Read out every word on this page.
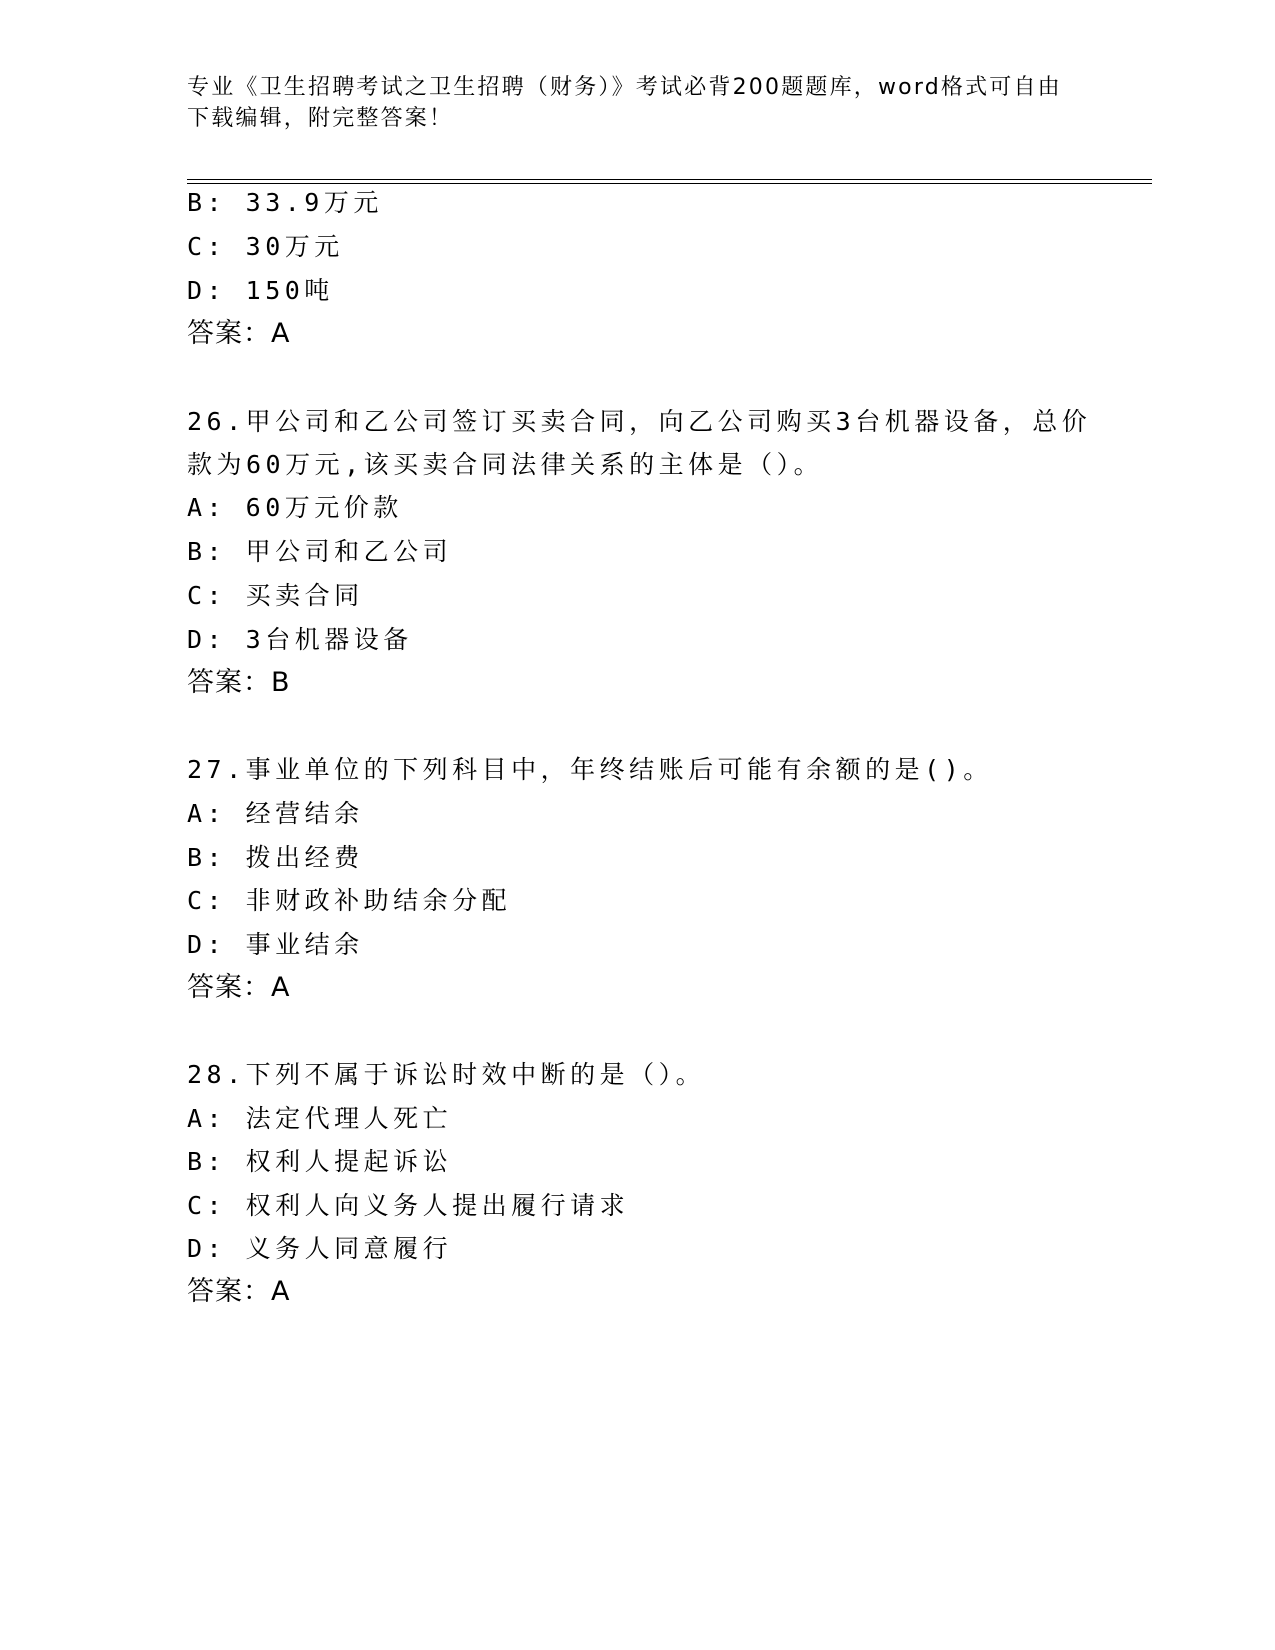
专业《卫生招聘考试之卫生招聘（财务）》考试必背200题题库，word格式可自由下载编辑，附完整答案！
B: 33.9万元
C: 30万元
D: 150吨
答案：A
26.甲公司和乙公司签订买卖合同，向乙公司购买3台机器设备，总价
款为60万元,该买卖合同法律关系的主体是（）。
A: 60万元价款
B: 甲公司和乙公司
C: 买卖合同
D: 3台机器设备
答案：B
27.事业单位的下列科目中，年终结账后可能有余额的是()。
A: 经营结余
B: 拨出经费
C: 非财政补助结余分配
D: 事业结余
答案：A
28.下列不属于诉讼时效中断的是（）。
A: 法定代理人死亡
B: 权利人提起诉讼
C: 权利人向义务人提出履行请求
D: 义务人同意履行
答案：A
